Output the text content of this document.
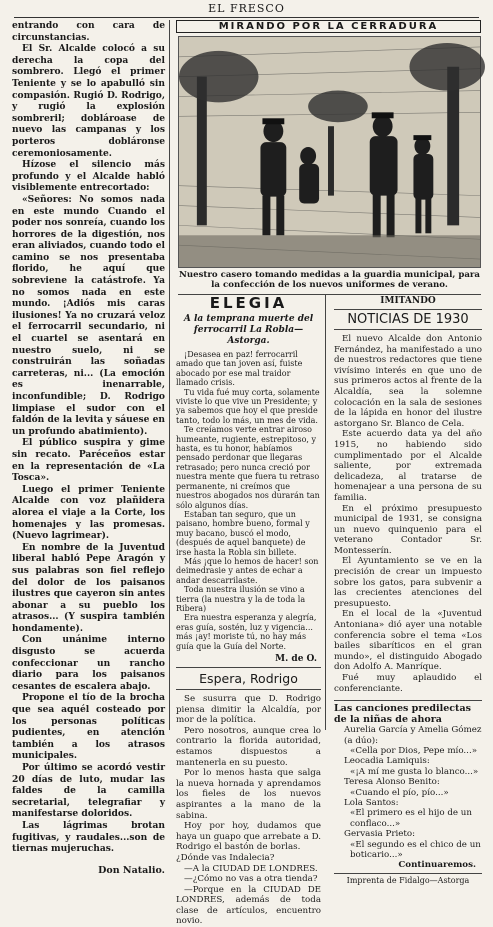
EL FRESCO

entrando con cara de circunstancias.

El Sr. Alcalde colocó a su derecha la copa del sombrero. Llegó el primer Teniente y se lo apabulló sin compasión. Rugió D. Rodrigo, y rugió la explosión sombreril; doblároase de nuevo las campanas y los porteros dobláronse ceremoniosamente.

Hízose el silencio más profundo y el Alcalde habló visiblemente entrecortado:

«Señores: No somos nada en este mundo Cuando el poder nos sonreía, cuando los horrores de la digestión, nos eran aliviados, cuando todo el camino se nos presentaba florido, he aquí que sobreviene la catástrofe. Ya no somos nada en este mundo. ¡Adiós mis caras ilusiones! Ya no cruzará veloz el ferrocarril secundario, ni el cuartel se asentará en nuestro suelo, ni se construirán las soñadas carreteras, ni... (La emoción es inenarrable, inconfundible; D. Rodrigo limpiase el sudor con el faldón de la levita y sáuese en un profundo abatimiento).

El público suspira y gime sin recato. Paréceños estar en la representación de «La Tosca».

Luego el primer Teniente Alcalde con voz plañidera alorea el viaje a la Corte, los homenajes y las promesas. (Nuevo lagrimear).

En nombre de la Juventud liberal habló Pepe Aragón y sus palabras son fiel reflejo del dolor de los paisanos ilustres que cayeron sin antes abonar a su pueblo los atrasos... (Y suspira también hondamente).

Con unánime interno disgusto se acuerda confeccionar un rancho diario para los paisanos cesantes de escalera abajo.

Propone el tío de la brocha que sea aquél costeado por los personas políticas pudientes, en atención también a los atrasos municipales.

Por último se acordó vestir 20 días de luto, mudar las faldes de la camilla secretarial, telegrafiar y manifestarse doloridos.

Las lágrimas brotan fugitivas, y raudales...son de tiernas mujeruchas.

Don Natalio.
MIRANDO POR LA CERRADURA
Nuestro casero tomando medidas a la guardia municipal, para la confección de los nuevos uniformes de verano.
ELEGIA
A la temprana muerte del ferrocarril La Robla—Astorga.

¡Desasea en paz! ferrocarril amado que tan joven así, fuiste abocado por ese mal traidor llamado crisis.

Tu vida fué muy corta, solamente viviste lo que vive un Presidente; y ya sabemos que hoy el que preside tanto, todo lo más, un mes de vida.

Te creíamos verte entrar airoso humeante, rugiente, estrepitoso, y hasta, es tu honor, habíamos pensado perdonar que llegaras retrasado; pero nunca creció por nuestra mente que fuera tu retraso permanente, ni creímos que nuestros abogados nos durarán tan sólo algunos días.

Estaban tan seguro, que un paisano, hombre bueno, formal y muy bacano, buscó el modo, (después de aquel banquete) de irse hasta la Robla sin billete.

Más ¡que lo hemos de hacer! son deimedrasie y antes de echar a andar descarrilaste.

Toda nuestra ilusión se vino a tierra (la nuestra y la de toda la Ribera)

Era nuestra esperanza y alegría, eras guía, sostén, luz y vigencia... más ¡ay! moriste tú, no hay más guía que la Guía del Norte.

M. de O.
Espera, Rodrigo

Se susurra que D. Rodrigo piensa dimitir la Alcaldía, por mor de la política.

Pero nosotros, aunque crea lo contrario la florida autoridad, estamos dispuestos a mantenerla en su puesto.

Por lo menos hasta que salga la nueva hornada y aprendamos los fieles de los nuevos aspirantes a la mano de la sabina.

Hoy por hoy, dudamos que haya un guapo que arrebate a D. Rodrigo el bastón de borlas.

¿Dónde vas Indalecia?

—A la CIUDAD DE LONDRES.

—¿Cómo no vas a otra tienda?

—Porque en la CIUDAD DE LONDRES, además de toda clase de artículos, encuentro novio.

IMITANDO
NOTICIAS DE 1930

El nuevo Alcalde don Antonio Fernández, ha manifestado a uno de nuestros redactores que tiene vivísimo interés en que uno de sus primeros actos al frente de la Alcaldía, sea la solemne colocación en la sala de sesiones de la lápida en honor del ilustre astorgano Sr. Blanco de Cela.

Este acuerdo data ya del año 1915, no habiendo sido cumplimentado por el Alcalde saliente, por extremada delicadeza, al tratarse de homenajear a una persona de su familia.

En el próximo presupuesto municipal de 1931, se consigna un nuevo quinquenio para el veterano Contador Sr. Montesserín.

El Ayuntamiento se ve en la precisión de crear un impuesto sobre los gatos, para subvenir a las crecientes atenciones del presupuesto.

En el local de la «Juventud Antoniana» dió ayer una notable conferencia sobre el tema «Los bailes sibaríticos en el gran mundo», el distinguido Abogado don Adolfo A. Manríque.

Fué muy aplaudido el conferenciante.

Las canciones predilectas de la niñas de ahora
Aurelia García y Amelia Gómez (a dúo):
«Cella por Dios, Pepe mío...»
Leocadia Lamiquis:
«¡A mí me gusta lo blanco...»
Teresa Alonso Benito:
«Cuando el pío, pío...»
Lola Santos:
«El primero es el hijo de un conflaco...»
Gervasia Prieto:
«El segundo es el chico de un boticario...»
Continuaremos.
Imprenta de Fidalgo—Astorga
